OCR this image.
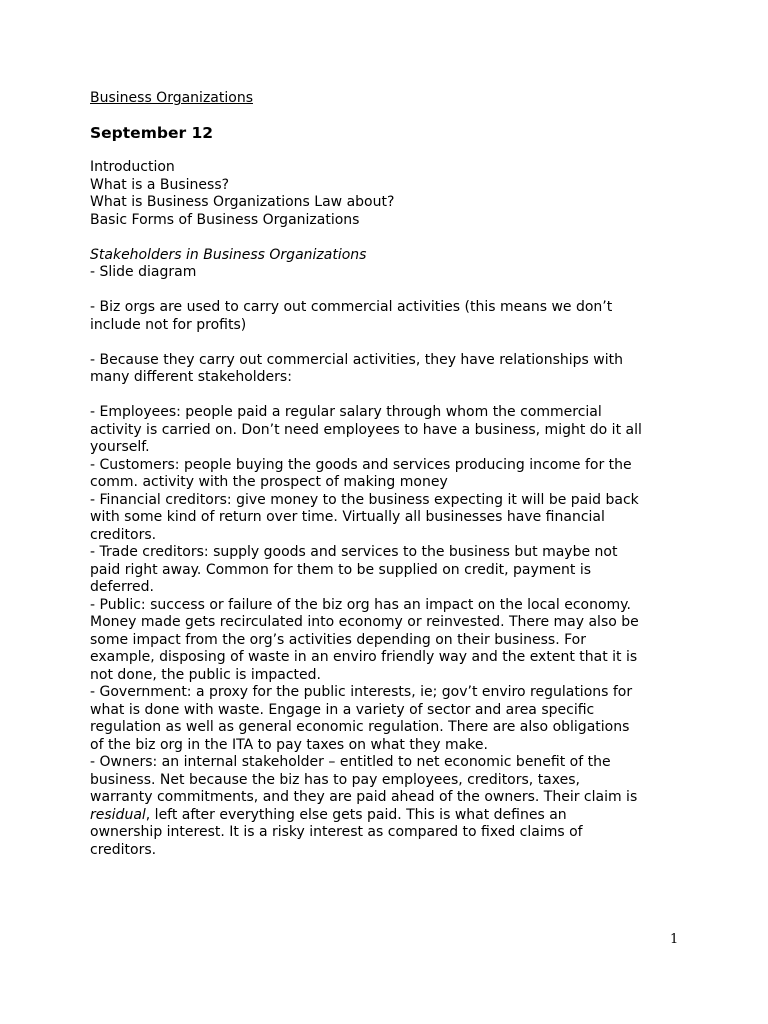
Business Organizations
September 12
Introduction
What is a Business?
What is Business Organizations Law about?
Basic Forms of Business Organizations
Stakeholders in Business Organizations
- Slide diagram
- Biz orgs are used to carry out commercial activities (this means we don’t
include not for profits)
- Because they carry out commercial activities, they have relationships with
many different stakeholders:
- Employees: people paid a regular salary through whom the commercial
activity is carried on. Don’t need employees to have a business, might do it all
yourself.
- Customers: people buying the goods and services producing income for the
comm. activity with the prospect of making money
- Financial creditors: give money to the business expecting it will be paid back
with some kind of return over time. Virtually all businesses have financial
creditors.
- Trade creditors: supply goods and services to the business but maybe not
paid right away. Common for them to be supplied on credit, payment is
deferred.
- Public: success or failure of the biz org has an impact on the local economy.
Money made gets recirculated into economy or reinvested. There may also be
some impact from the org’s activities depending on their business. For
example, disposing of waste in an enviro friendly way and the extent that it is
not done, the public is impacted.
- Government: a proxy for the public interests, ie; gov’t enviro regulations for
what is done with waste. Engage in a variety of sector and area specific
regulation as well as general economic regulation. There are also obligations
of the biz org in the ITA to pay taxes on what they make.
- Owners: an internal stakeholder – entitled to net economic benefit of the
business. Net because the biz has to pay employees, creditors, taxes,
warranty commitments, and they are paid ahead of the owners. Their claim is
residual, left after everything else gets paid. This is what defines an
ownership interest. It is a risky interest as compared to fixed claims of
creditors.
1
